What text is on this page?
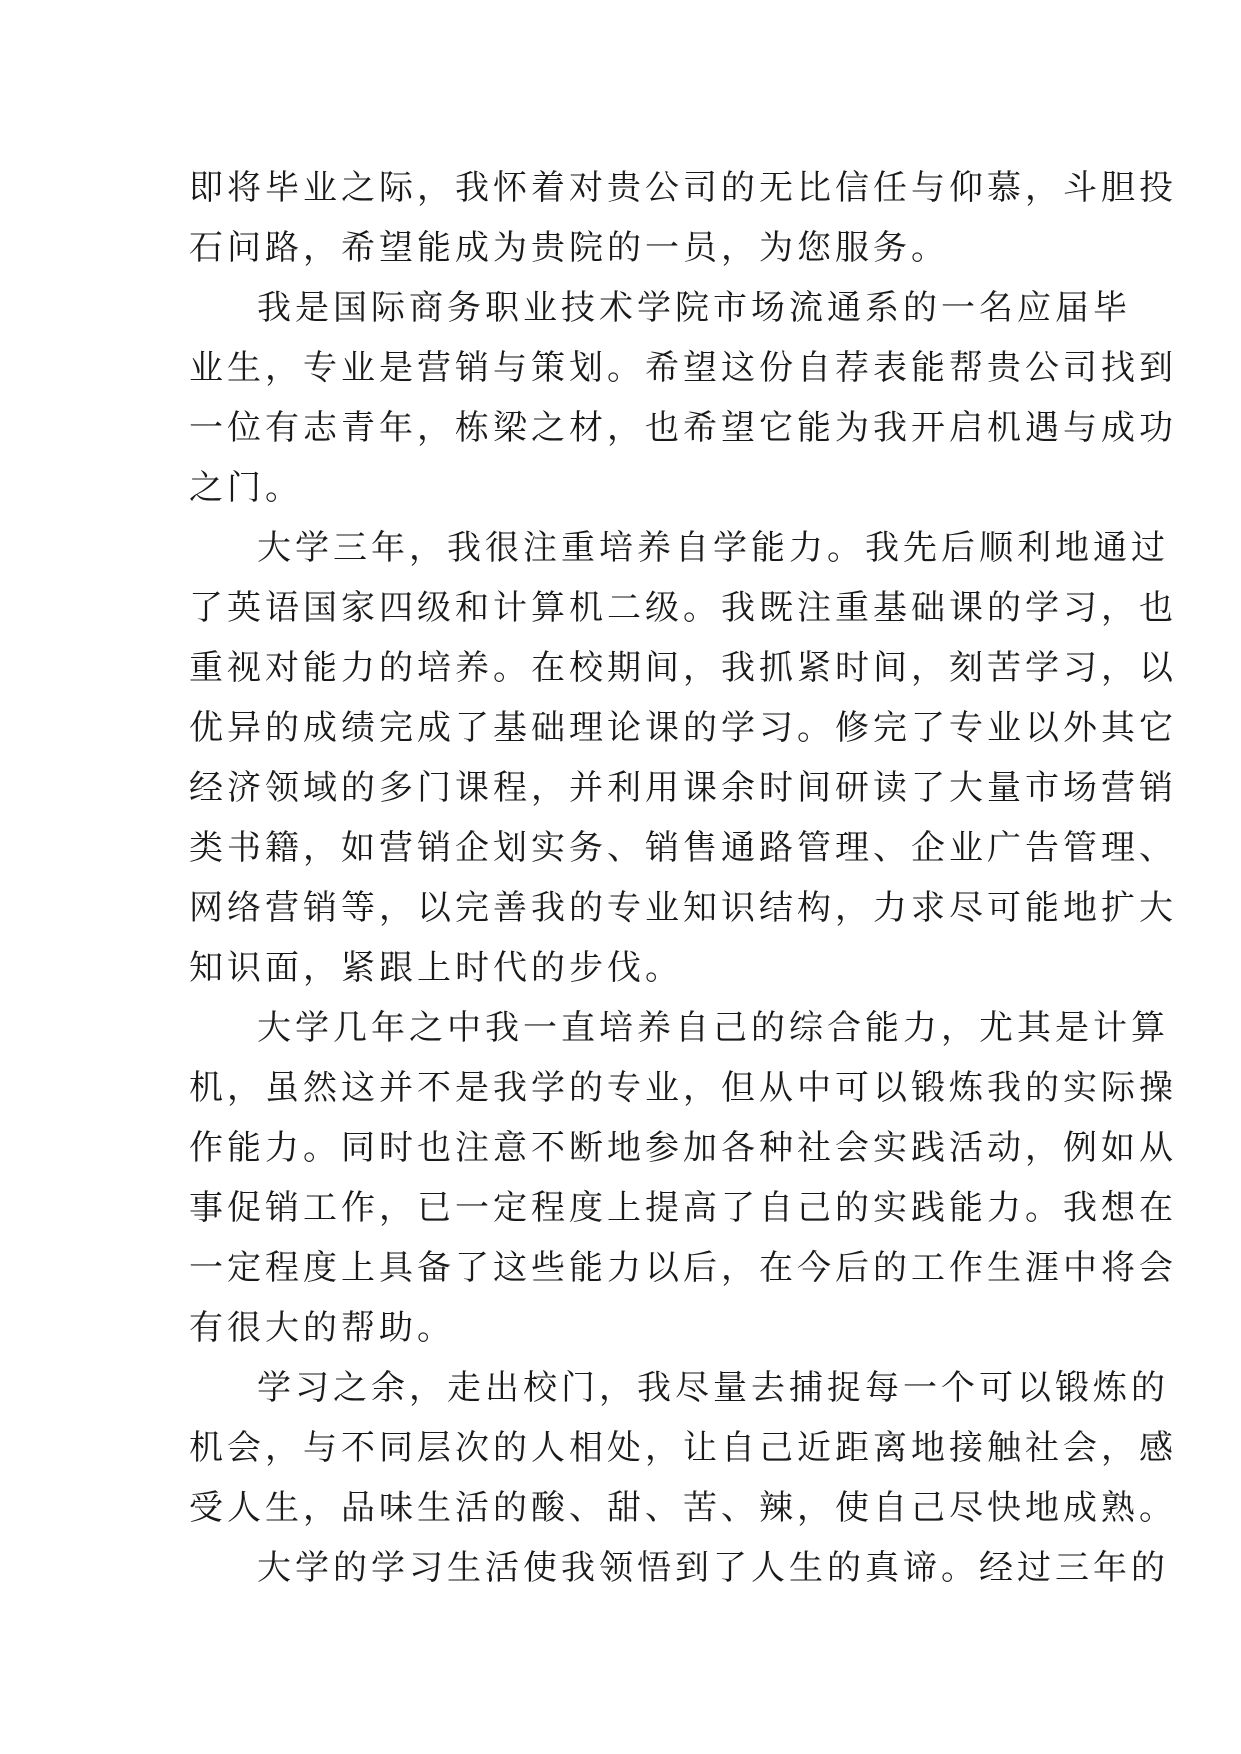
即将毕业之际，我怀着对贵公司的无比信任与仰慕，斗胆投
石问路，希望能成为贵院的一员，为您服务。
我是国际商务职业技术学院市场流通系的一名应届毕
业生，专业是营销与策划。希望这份自荐表能帮贵公司找到
一位有志青年，栋梁之材，也希望它能为我开启机遇与成功
之门。
大学三年，我很注重培养自学能力。我先后顺利地通过
了英语国家四级和计算机二级。我既注重基础课的学习，也
重视对能力的培养。在校期间，我抓紧时间，刻苦学习，以
优异的成绩完成了基础理论课的学习。修完了专业以外其它
经济领域的多门课程，并利用课余时间研读了大量市场营销
类书籍，如营销企划实务、销售通路管理、企业广告管理、
网络营销等，以完善我的专业知识结构，力求尽可能地扩大
知识面，紧跟上时代的步伐。
大学几年之中我一直培养自己的综合能力，尤其是计算
机，虽然这并不是我学的专业，但从中可以锻炼我的实际操
作能力。同时也注意不断地参加各种社会实践活动，例如从
事促销工作，已一定程度上提高了自己的实践能力。我想在
一定程度上具备了这些能力以后，在今后的工作生涯中将会
有很大的帮助。
学习之余，走出校门，我尽量去捕捉每一个可以锻炼的
机会，与不同层次的人相处，让自己近距离地接触社会，感
受人生，品味生活的酸、甜、苦、辣，使自己尽快地成熟。
大学的学习生活使我领悟到了人生的真谛。经过三年的
